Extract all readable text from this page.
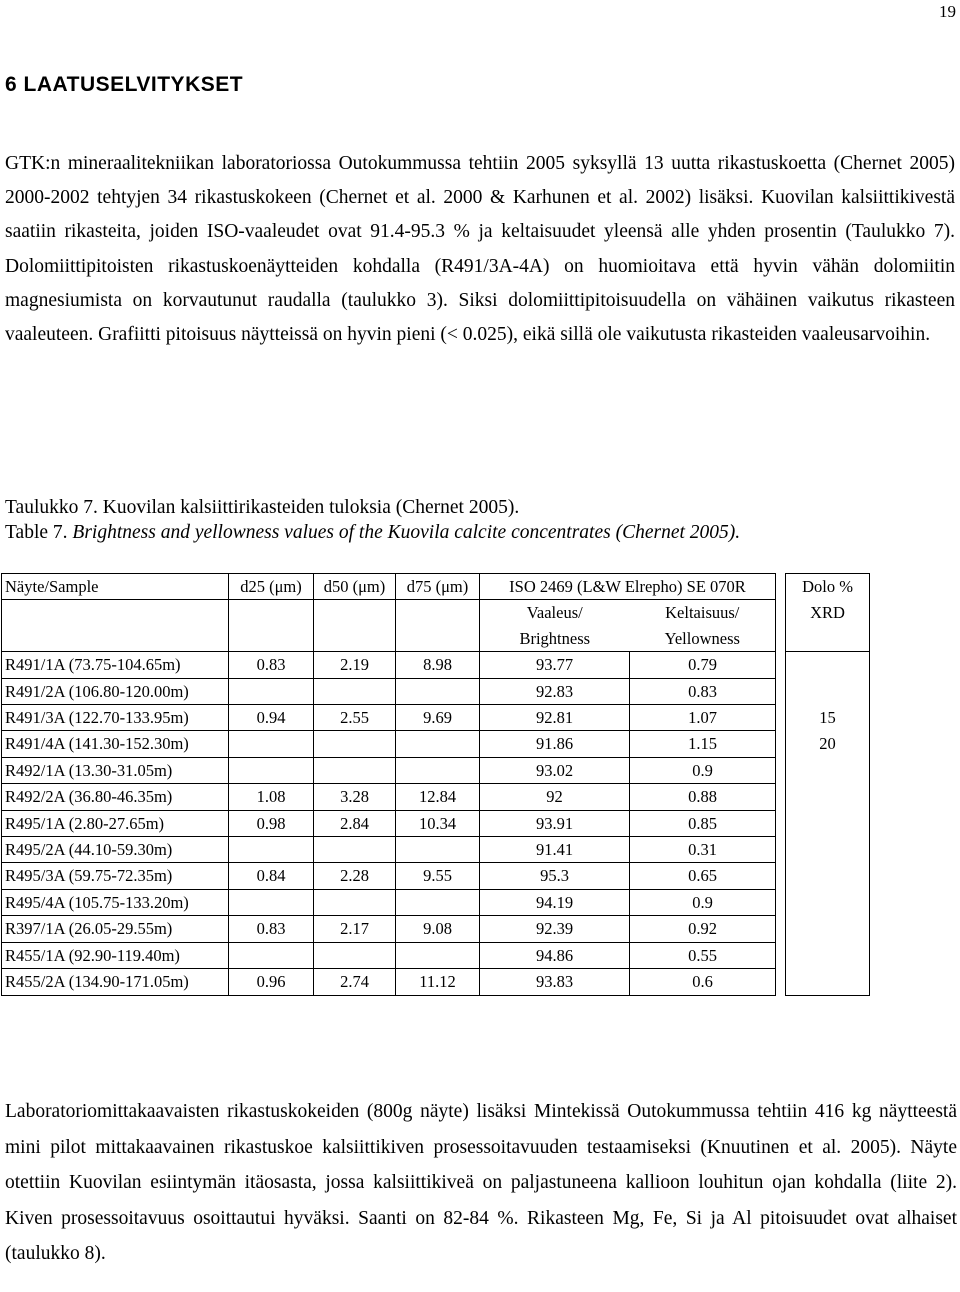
19
6 LAATUSELVITYKSET

GTK:n mineraalitekniikan laboratoriossa Outokummussa tehtiin 2005 syksyllä 13 uutta rikastuskoetta (Chernet 2005) 2000-2002 tehtyjen 34 rikastuskokeen (Chernet et al. 2000 & Karhunen et al. 2002) lisäksi. Kuovilan kalsiittikivestä saatiin rikasteita, joiden ISO-vaaleudet ovat 91.4-95.3 % ja keltaisuudet yleensä alle yhden prosentin (Taulukko 7). Dolomiittipitoisten rikastuskoenäytteiden kohdalla (R491/3A-4A) on huomioitava että hyvin vähän dolomiitin magnesiumista on korvautunut raudalla (taulukko 3). Siksi dolomiittipitoisuudella on vähäinen vaikutus rikasteen vaaleuteen. Grafiitti pitoisuus näytteissä on hyvin pieni (< 0.025), eikä sillä ole vaikutusta rikasteiden vaaleusarvoihin.

Taulukko 7. Kuovilan kalsiittirikasteiden tuloksia (Chernet 2005).

Table 7. Brightness and yellowness values of the Kuovila calcite concentrates (Chernet 2005).

Näyte/Sample	d25 (μm)	d50 (μm)	d75 (μm)	ISO 2469 (L&W Elrepho) SE 070R			Dolo %
				Vaaleus/	Keltaisuus/		XRD
				Brightness	Yellowness		
R491/1A (73.75-104.65m)	0.83	2.19	8.98	93.77	0.79		
R491/2A (106.80-120.00m)				92.83	0.83		
R491/3A (122.70-133.95m)	0.94	2.55	9.69	92.81	1.07		15
R491/4A (141.30-152.30m)				91.86	1.15		20
R492/1A (13.30-31.05m)				93.02	0.9		
R492/2A (36.80-46.35m)	1.08	3.28	12.84	92	0.88		
R495/1A (2.80-27.65m)	0.98	2.84	10.34	93.91	0.85		
R495/2A (44.10-59.30m)				91.41	0.31		
R495/3A (59.75-72.35m)	0.84	2.28	9.55	95.3	0.65		
R495/4A (105.75-133.20m)				94.19	0.9		
R397/1A (26.05-29.55m)	0.83	2.17	9.08	92.39	0.92		
R455/1A (92.90-119.40m)				94.86	0.55		
R455/2A (134.90-171.05m)	0.96	2.74	11.12	93.83	0.6		

Laboratoriomittakaavaisten rikastuskokeiden (800g näyte) lisäksi Mintekissä Outokummussa tehtiin 416 kg näytteestä mini pilot mittakaavainen rikastuskoe kalsiittikiven prosessoitavuuden testaamiseksi (Knuutinen et al. 2005). Näyte otettiin Kuovilan esiintymän itäosasta, jossa kalsiittikiveä on paljastuneena kallioon louhitun ojan kohdalla (liite 2). Kiven prosessoitavuus osoittautui hyväksi. Saanti on 82-84 %. Rikasteen Mg, Fe, Si ja Al pitoisuudet ovat alhaiset (taulukko 8).
